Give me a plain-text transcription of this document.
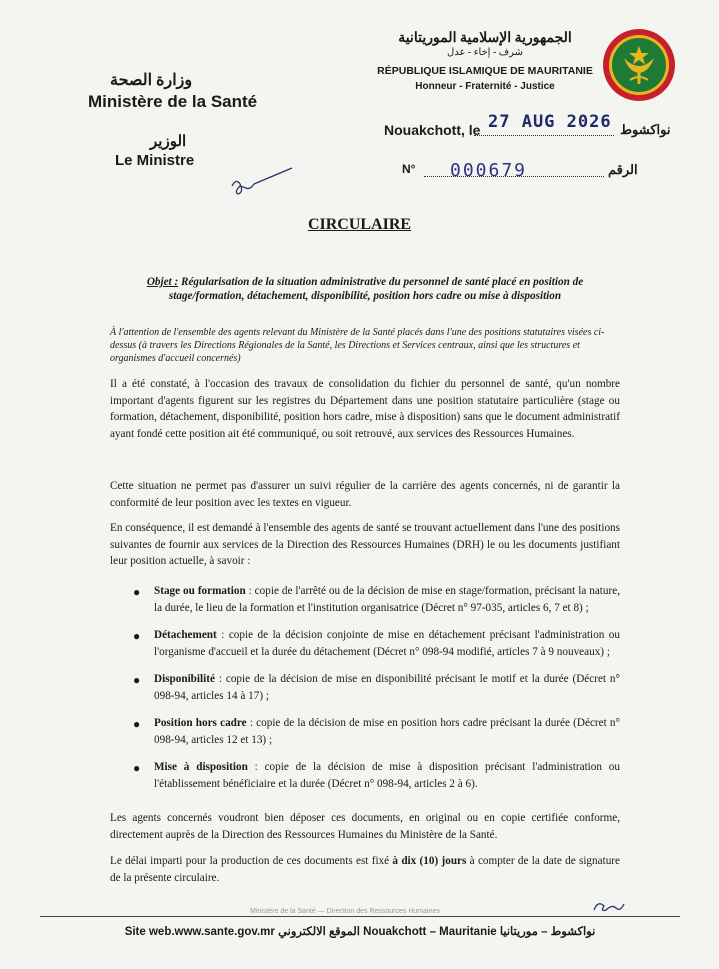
وزارة الصحة
Ministère de la Santé
الوزير
Le Ministre
الجمهورية الإسلامية الموريتانية
شرف - إخاء - عدل
RÉPUBLIQUE ISLAMIQUE DE MAURITANIE
Honneur - Fraternité - Justice
Nouakchott, le 27 AUG 2026 نواكشوط
N° 000679	الرقم
CIRCULAIRE
Objet : Régularisation de la situation administrative du personnel de santé placé en position de stage/formation, détachement, disponibilité, position hors cadre ou mise à disposition
À l'attention de l'ensemble des agents relevant du Ministère de la Santé placés dans l'une des positions statutaires visées ci-dessus (à travers les Directions Régionales de la Santé, les Directions et Services centraux, ainsi que les structures et organismes d'accueil concernés)
Il a été constaté, à l'occasion des travaux de consolidation du fichier du personnel de santé, qu'un nombre important d'agents figurent sur les registres du Département dans une position statutaire particulière (stage ou formation, détachement, disponibilité, position hors cadre, mise à disposition) sans que le document administratif ayant fondé cette position ait été communiqué, ou soit retrouvé, aux services des Ressources Humaines.
Cette situation ne permet pas d'assurer un suivi régulier de la carrière des agents concernés, ni de garantir la conformité de leur position avec les textes en vigueur.
En conséquence, il est demandé à l'ensemble des agents de santé se trouvant actuellement dans l'une des positions suivantes de fournir aux services de la Direction des Ressources Humaines (DRH) le ou les documents justifiant leur position actuelle, à savoir :
● Stage ou formation : copie de l'arrêté ou de la décision de mise en stage/formation, précisant la nature, la durée, le lieu de la formation et l'institution organisatrice (Décret n° 97-035, articles 6, 7 et 8) ;
● Détachement : copie de la décision conjointe de mise en détachement précisant l'administration ou l'organisme d'accueil et la durée du détachement (Décret n° 098-94 modifié, articles 7 à 9 nouveaux) ;
● Disponibilité : copie de la décision de mise en disponibilité précisant le motif et la durée (Décret n° 098-94, articles 14 à 17) ;
● Position hors cadre : copie de la décision de mise en position hors cadre précisant la durée (Décret n° 098-94, articles 12 et 13) ;
● Mise à disposition : copie de la décision de mise à disposition précisant l'administration ou l'établissement bénéficiaire et la durée (Décret n° 098-94, articles 2 à 6).
Les agents concernés voudront bien déposer ces documents, en original ou en copie certifiée conforme, directement auprès de la Direction des Ressources Humaines du Ministère de la Santé.
Le délai imparti pour la production de ces documents est fixé à dix (10) jours à compter de la date de signature de la présente circulaire.
Ministère de la Santé — Direction des Ressources Humaines
Site web.www.sante.gov.mr الموقع الالكتروني Nouakchott – Mauritanie نواكشوط – موريتانيا
